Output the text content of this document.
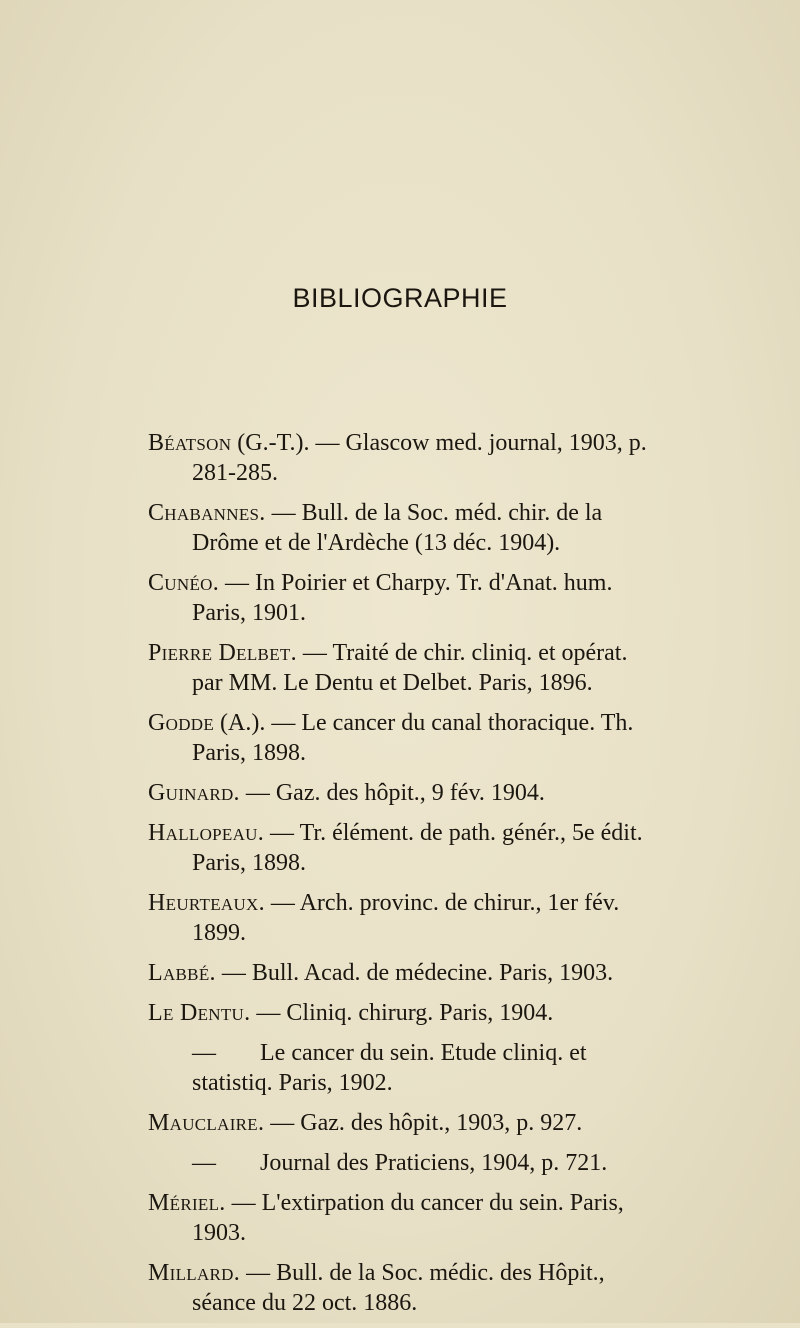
BIBLIOGRAPHIE

Béatson (G.-T.). — Glascow med. journal, 1903, p. 281-285.

Chabannes. — Bull. de la Soc. méd. chir. de la Drôme et de l'Ardèche (13 déc. 1904).

Cunéo. — In Poirier et Charpy. Tr. d'Anat. hum. Paris, 1901.

Pierre Delbet. — Traité de chir. cliniq. et opérat. par MM. Le Dentu et Delbet. Paris, 1896.

Godde (A.). — Le cancer du canal thoracique. Th. Paris, 1898.

Guinard. — Gaz. des hôpit., 9 fév. 1904.

Hallopeau. — Tr. élément. de path. génér., 5e édit. Paris, 1898.

Heurteaux. — Arch. provinc. de chirur., 1er fév. 1899.

Labbé. — Bull. Acad. de médecine. Paris, 1903.

Le Dentu. — Cliniq. chirurg. Paris, 1904.

— Le cancer du sein. Etude cliniq. et statistiq. Paris, 1902.

Mauclaire. — Gaz. des hôpit., 1903, p. 927.

— Journal des Praticiens, 1904, p. 721.

Mériel. — L'extirpation du cancer du sein. Paris, 1903.

Millard. — Bull. de la Soc. médic. des Hôpit., séance du 22 oct. 1886.
